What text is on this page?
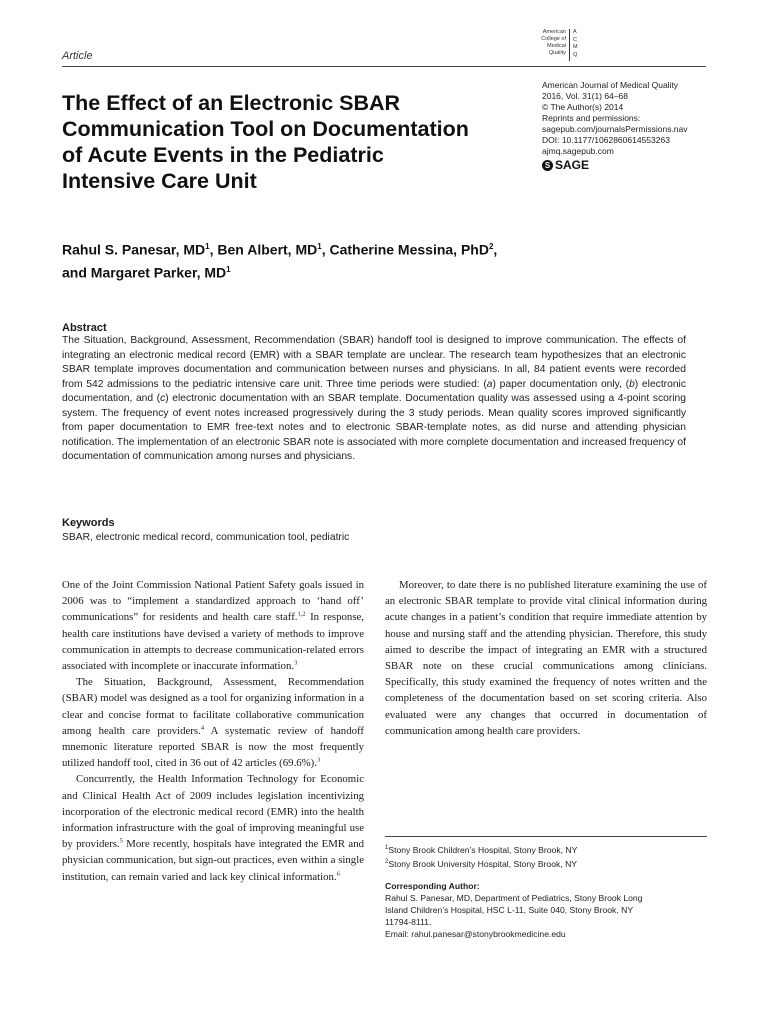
Article
American
College of
Medical
Quality
A
C
M
Q
The Effect of an Electronic SBAR Communication Tool on Documentation of Acute Events in the Pediatric Intensive Care Unit
American Journal of Medical Quality
2016, Vol. 31(1) 64–68
© The Author(s) 2014
Reprints and permissions:
sagepub.com/journalsPermissions.nav
DOI: 10.1177/1062860614553263
ajmq.sagepub.com
S SAGE
Rahul S. Panesar, $MD^1$, Ben Albert, $MD^1$, Catherine Messina, PhD$^2$,
and Margaret Parker, $MD^1$
Abstract

The Situation, Background, Assessment, Recommendation (SBAR) handoff tool is designed to improve communication. The effects of integrating an electronic medical record (EMR) with a SBAR template are unclear. The research team hypothesizes that an electronic SBAR template improves documentation and communication between nurses and physicians. In all, 84 patient events were recorded from 542 admissions to the pediatric intensive care unit. Three time periods were studied: (a) paper documentation only, (b) electronic documentation, and (c) electronic documentation with an SBAR template. Documentation quality was assessed using a 4-point scoring system. The frequency of event notes increased progressively during the 3 study periods. Mean quality scores improved significantly from paper documentation to EMR free-text notes and to electronic SBAR-template notes, as did nurse and attending physician notification. The implementation of an electronic SBAR note is associated with more complete documentation and increased frequency of documentation of communication among nurses and physicians.

Keywords
SBAR, electronic medical record, communication tool, pediatric

One of the Joint Commission National Patient Safety goals issued in 2006 was to “implement a standardized approach to ‘hand off’ communications” for residents and health care staff.$^{1,2}$ In response, health care institutions have devised a variety of methods to improve communication in attempts to decrease communication-related errors associated with incomplete or inaccurate information.$^3$

The Situation, Background, Assessment, Recommendation (SBAR) model was designed as a tool for organizing information in a clear and concise format to facilitate collaborative communication among health care providers.$^4$ A systematic review of handoff mnemonic literature reported SBAR is now the most frequently utilized handoff tool, cited in 36 out of 42 articles (69.6%).$^3$

Concurrently, the Health Information Technology for Economic and Clinical Health Act of 2009 includes legislation incentivizing incorporation of the electronic medical record (EMR) into the health information infrastructure with the goal of improving meaningful use by providers.$^5$ More recently, hospitals have integrated the EMR and physician communication, but sign-out practices, even within a single institution, can remain varied and lack key clinical information.$^6$

Moreover, to date there is no published literature examining the use of an electronic SBAR template to provide vital clinical information during acute changes in a patient’s condition that require immediate attention by house and nursing staff and the attending physician. Therefore, this study aimed to describe the impact of integrating an EMR with a structured SBAR note on these crucial communications among clinicians. Specifically, this study examined the frequency of notes written and the completeness of the documentation based on set scoring criteria. Also evaluated were any changes that occurred in documentation of communication among health care providers.

$^1$Stony Brook Children’s Hospital, Stony Brook, NY

$^2$Stony Brook University Hospital, Stony Brook, NY

Corresponding Author:

Rahul S. Panesar, MD, Department of Pediatrics, Stony Brook Long

Island Children’s Hospital, HSC L-11, Suite 040, Stony Brook, NY

11794-8111.

Email: rahul.panesar@stonybrookmedicine.edu
